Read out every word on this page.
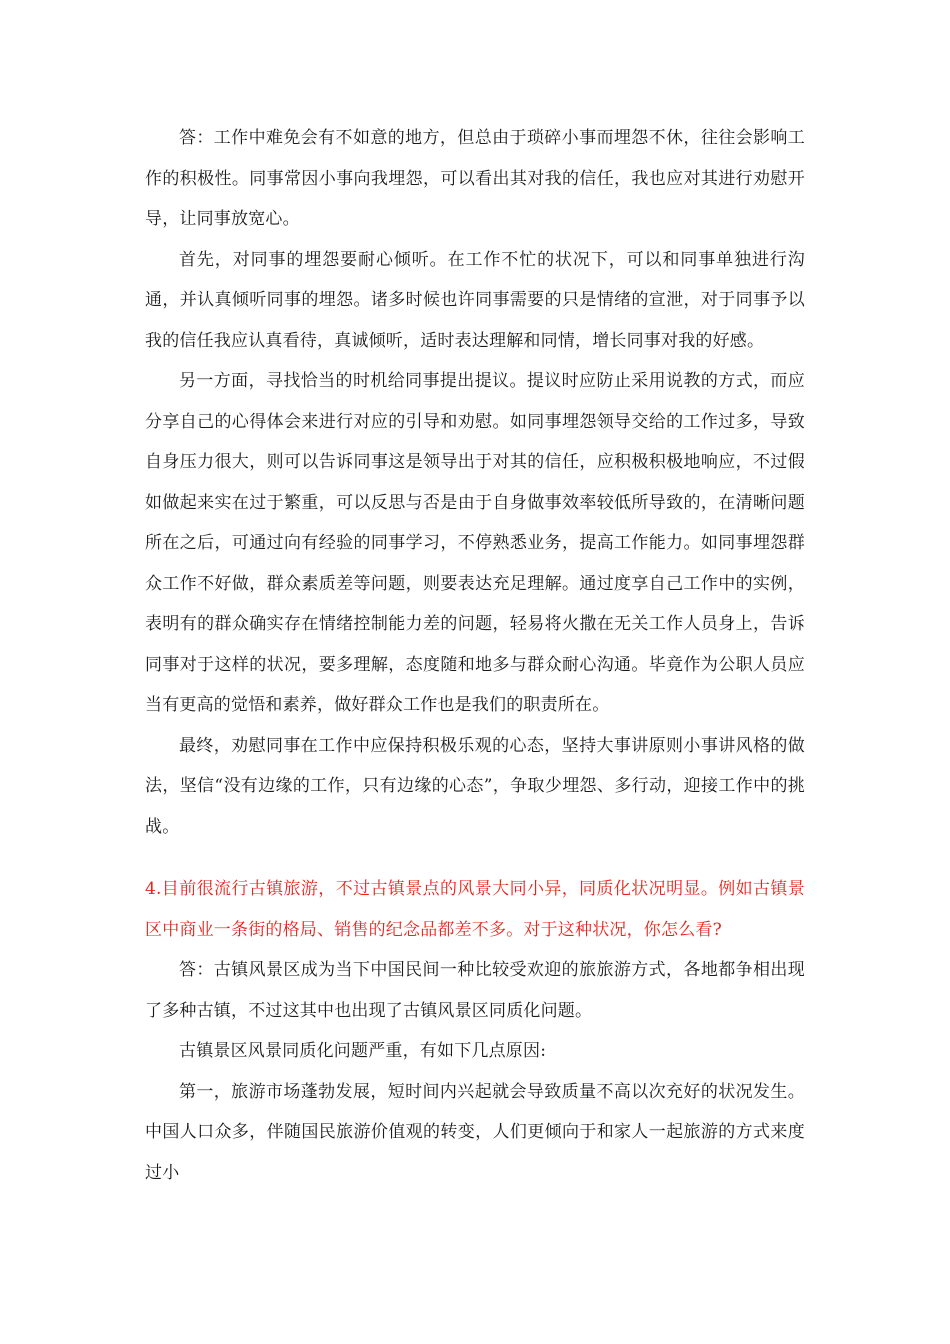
答：工作中难免会有不如意的地方，但总由于琐碎小事而埋怨不休，往往会影响工作的积极性。同事常因小事向我埋怨，可以看出其对我的信任，我也应对其进行劝慰开导，让同事放宽心。

首先，对同事的埋怨要耐心倾听。在工作不忙的状况下，可以和同事单独进行沟通，并认真倾听同事的埋怨。诸多时候也许同事需要的只是情绪的宣泄，对于同事予以我的信任我应认真看待，真诚倾听，适时表达理解和同情，增长同事对我的好感。

另一方面，寻找恰当的时机给同事提出提议。提议时应防止采用说教的方式，而应分享自己的心得体会来进行对应的引导和劝慰。如同事埋怨领导交给的工作过多，导致自身压力很大，则可以告诉同事这是领导出于对其的信任，应积极积极地响应，不过假如做起来实在过于繁重，可以反思与否是由于自身做事效率较低所导致的，在清晰问题所在之后，可通过向有经验的同事学习，不停熟悉业务，提高工作能力。如同事埋怨群众工作不好做，群众素质差等问题，则要表达充足理解。通过度享自己工作中的实例，表明有的群众确实存在情绪控制能力差的问题，轻易将火撒在无关工作人员身上，告诉同事对于这样的状况，要多理解，态度随和地多与群众耐心沟通。毕竟作为公职人员应当有更高的觉悟和素养，做好群众工作也是我们的职责所在。

最终，劝慰同事在工作中应保持积极乐观的心态，坚持大事讲原则小事讲风格的做法，坚信“没有边缘的工作，只有边缘的心态”，争取少埋怨、多行动，迎接工作中的挑战。

4.目前很流行古镇旅游，不过古镇景点的风景大同小异，同质化状况明显。例如古镇景区中商业一条街的格局、销售的纪念品都差不多。对于这种状况，你怎么看?

答：古镇风景区成为当下中国民间一种比较受欢迎的旅旅游方式，各地都争相出现了多种古镇，不过这其中也出现了古镇风景区同质化问题。

古镇景区风景同质化问题严重，有如下几点原因:

第一，旅游市场蓬勃发展，短时间内兴起就会导致质量不高以次充好的状况发生。中国人口众多，伴随国民旅游价值观的转变，人们更倾向于和家人一起旅游的方式来度过小
